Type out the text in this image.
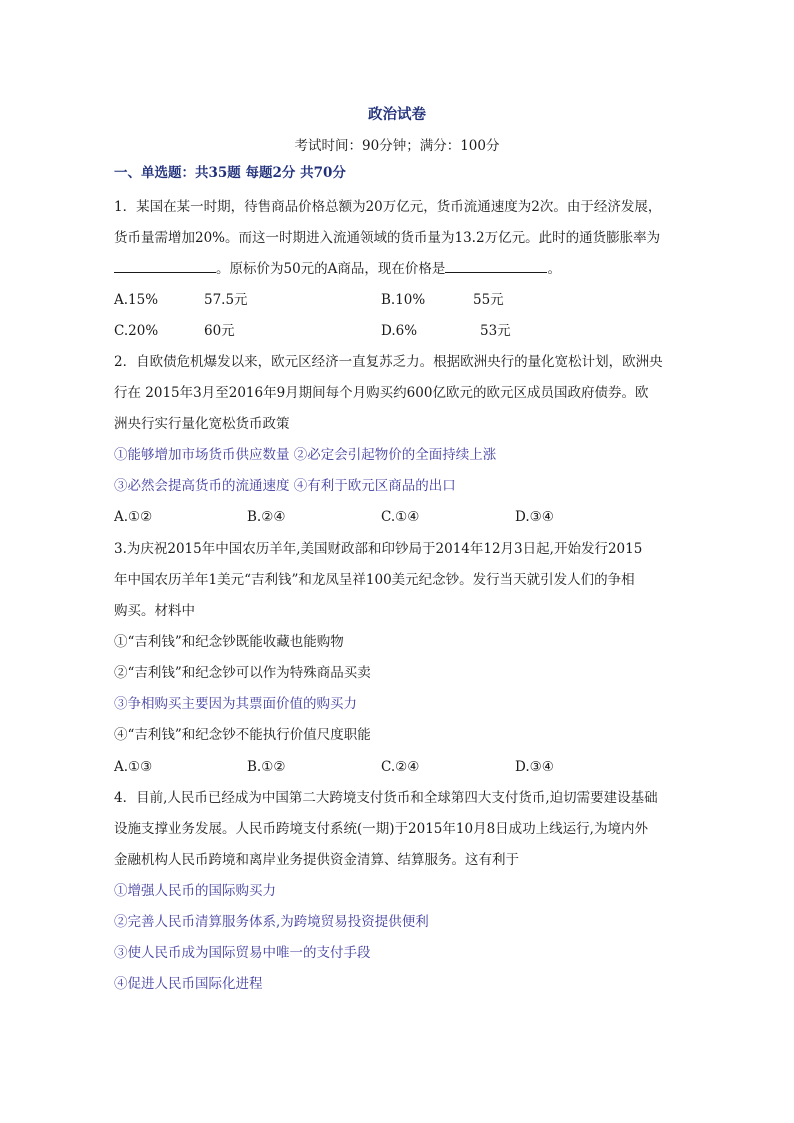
政治试卷
考试时间：90分钟；满分：100分
一、单选题：共35题 每题2分 共70分
1．某国在某一时期，待售商品价格总额为20万亿元，货币流通速度为2次。由于经济发展，
货币量需增加20%。而这一时期进入流通领域的货币量为13.2万亿元。此时的通货膨胀率为
。原标价为50元的A商品，现在价格是	。
A.15%	57.5元	B.10%	55元
C.20%	60元	D.6%	53元
2．自欧债危机爆发以来，欧元区经济一直复苏乏力。根据欧洲央行的量化宽松计划，欧洲央
行在 2015年3月至2016年9月期间每个月购买约600亿欧元的欧元区成员国政府债券。欧
洲央行实行量化宽松货币政策
①能够增加市场货币供应数量 ②必定会引起物价的全面持续上涨
③必然会提高货币的流通速度 ④有利于欧元区商品的出口
A.①②	B.②④	C.①④	D.③④
3.为庆祝2015年中国农历羊年,美国财政部和印钞局于2014年12月3日起,开始发行2015
年中国农历羊年1美元“吉利钱”和龙凤呈祥100美元纪念钞。发行当天就引发人们的争相
购买。材料中
①“吉利钱”和纪念钞既能收藏也能购物
②“吉利钱”和纪念钞可以作为特殊商品买卖
③争相购买主要因为其票面价值的购买力
④“吉利钱”和纪念钞不能执行价值尺度职能
A.①③	B.①②	C.②④	D.③④
4．目前,人民币已经成为中国第二大跨境支付货币和全球第四大支付货币,迫切需要建设基础
设施支撑业务发展。人民币跨境支付系统(一期)于2015年10月8日成功上线运行,为境内外
金融机构人民币跨境和离岸业务提供资金清算、结算服务。这有利于
①增强人民币的国际购买力
②完善人民币清算服务体系,为跨境贸易投资提供便利
③使人民币成为国际贸易中唯一的支付手段
④促进人民币国际化进程
